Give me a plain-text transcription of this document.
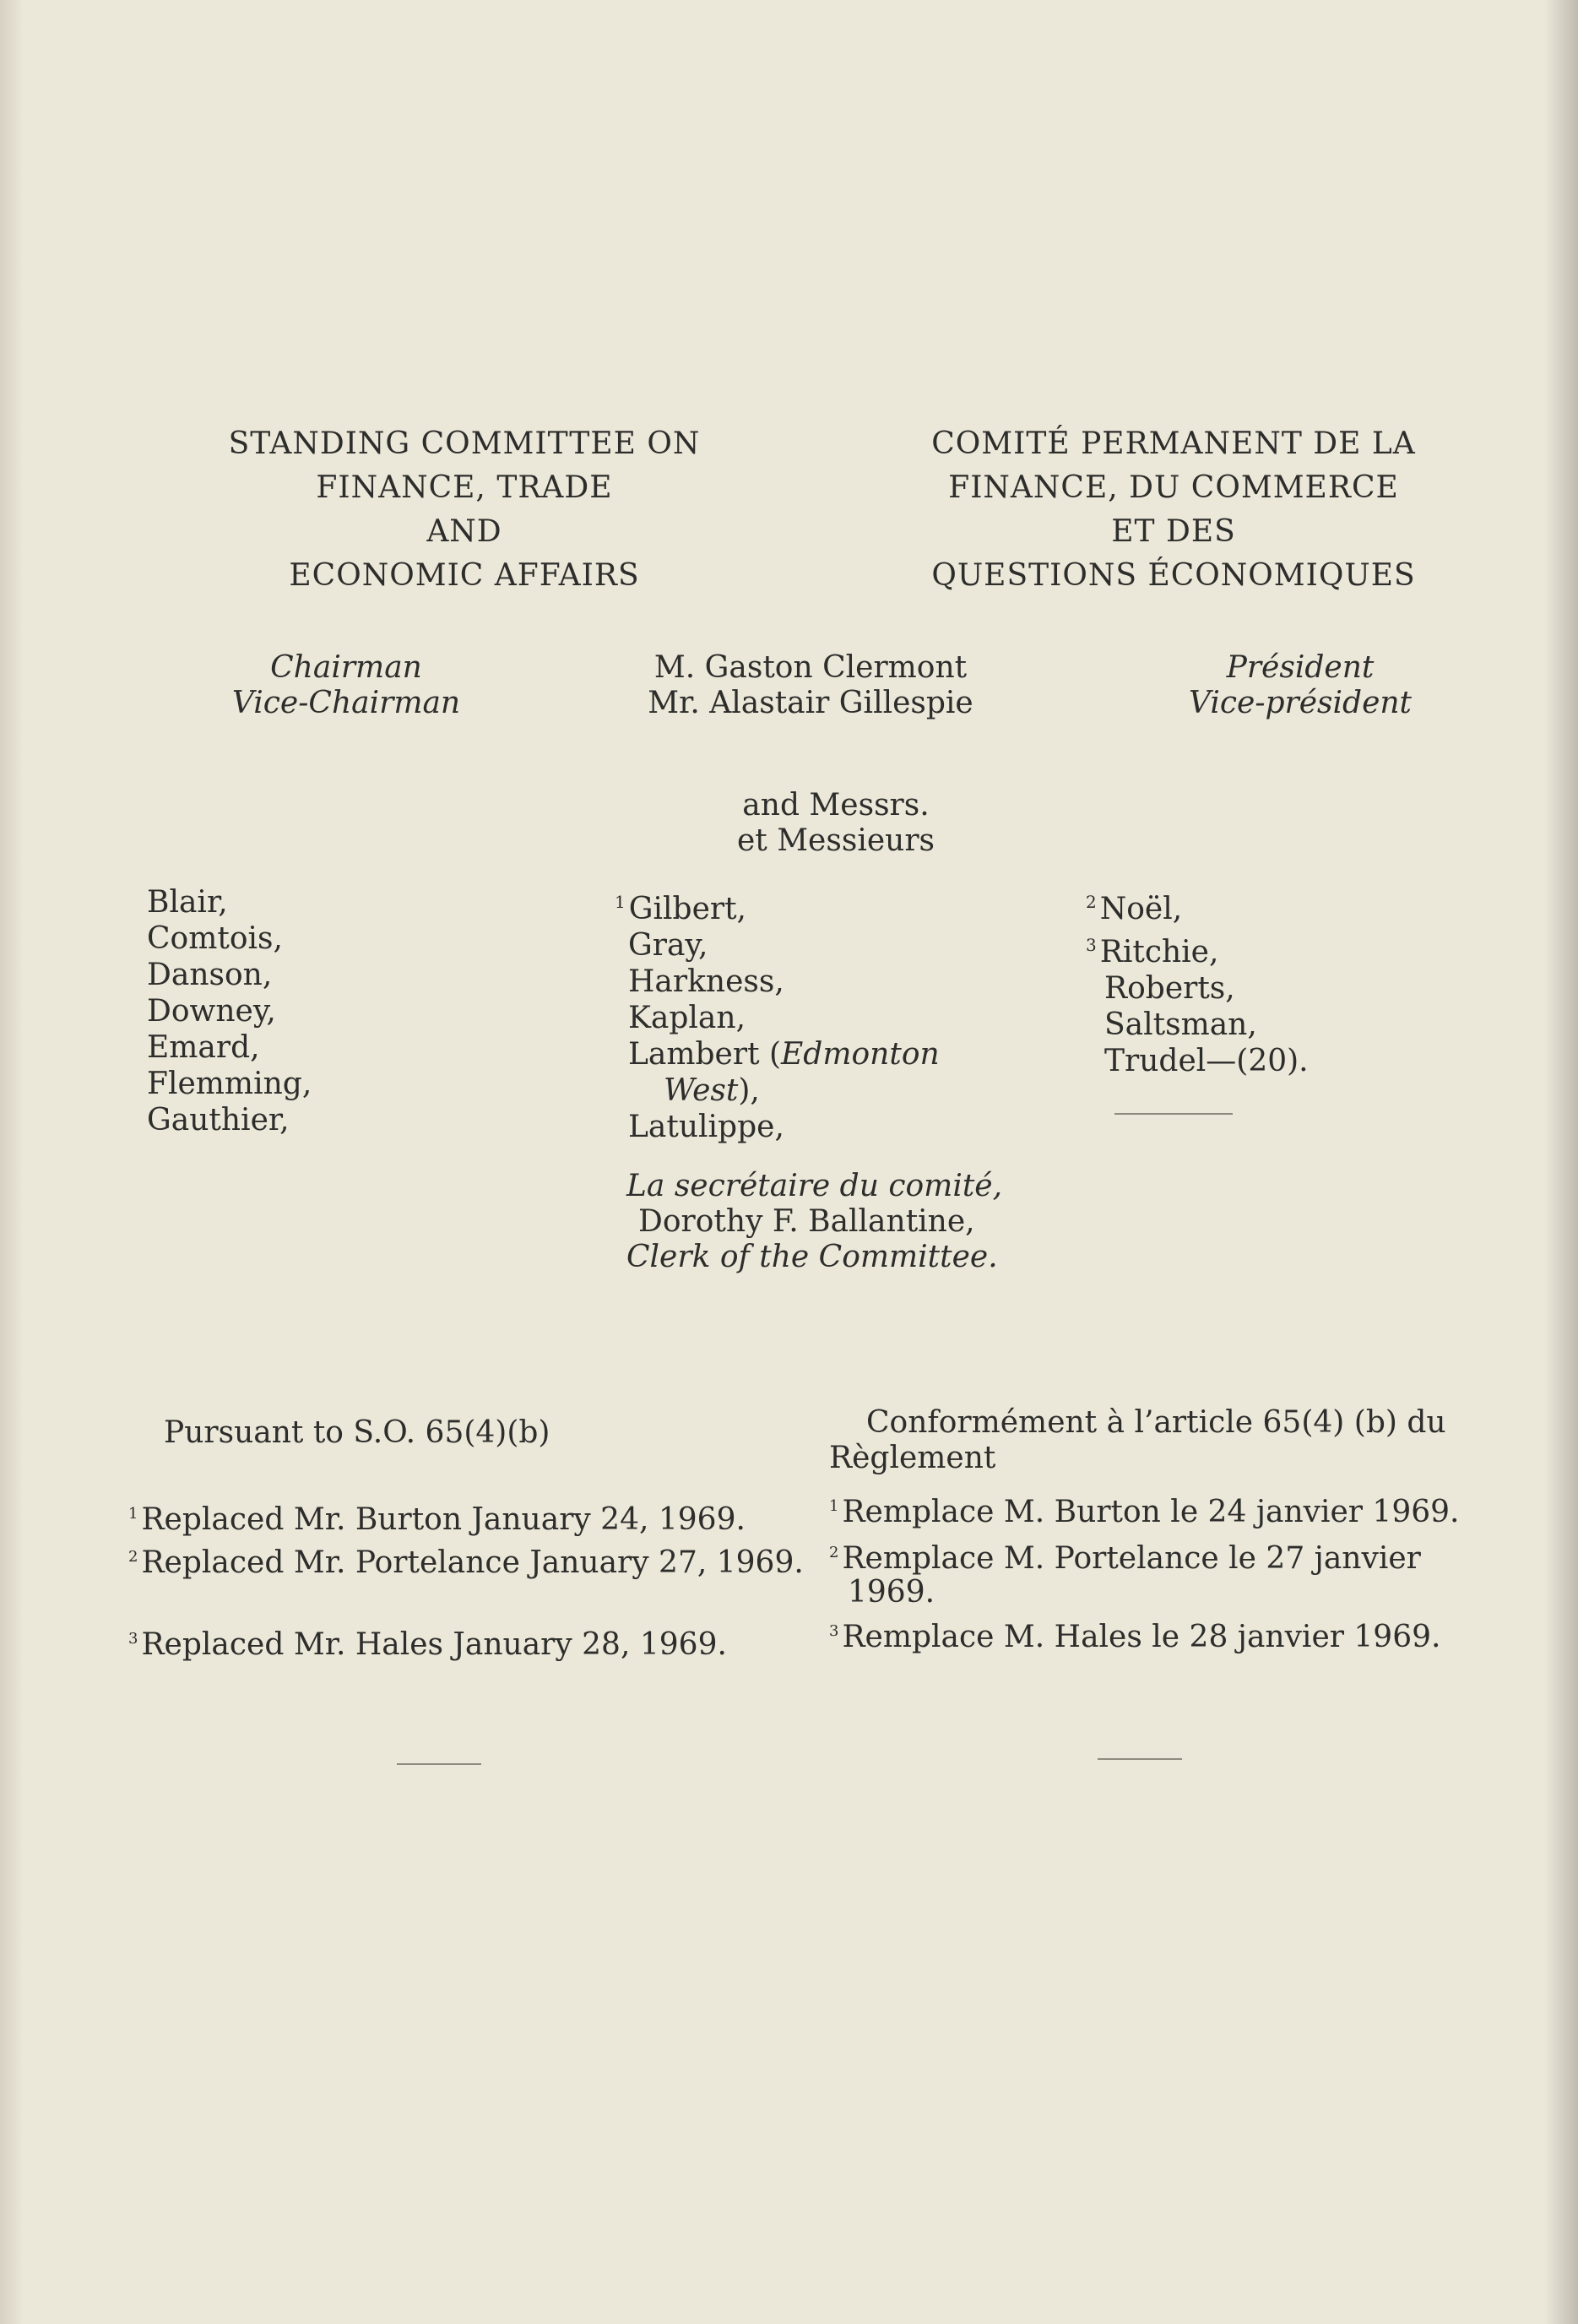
STANDING COMMITTEE ON
FINANCE, TRADE
AND
ECONOMIC AFFAIRS
COMITÉ PERMANENT DE LA
FINANCE, DU COMMERCE
ET DES
QUESTIONS ÉCONOMIQUES
Chairman
Vice-Chairman
M. Gaston Clermont
Mr. Alastair Gillespie
Président
Vice-président
and Messrs.
et Messieurs
Blair,
Comtois,
Danson,
Downey,
Emard,
Flemming,
Gauthier,
$^1$ Gilbert,
Gray,
Harkness,
Kaplan,
Lambert (Edmonton
West),
Latulippe,
$^2$ Noël,
$^3$ Ritchie,
Roberts,
Saltsman,
Trudel—(20).
La secrétaire du comité,
Dorothy F. Ballantine,
Clerk of the Committee.
Pursuant to S.O. 65(4)(b)	Conformément à l’article 65(4) (b) du
Règlement
$^1$ Replaced Mr. Burton January 24, 1969.
$^2$ Replaced Mr. Portelance January 27, 1969.
$^3$ Replaced Mr. Hales January 28, 1969.
$^1$ Remplace M. Burton le 24 janvier 1969.
$^2$ Remplace M. Portelance le 27 janvier
1969.
$^3$ Remplace M. Hales le 28 janvier 1969.
